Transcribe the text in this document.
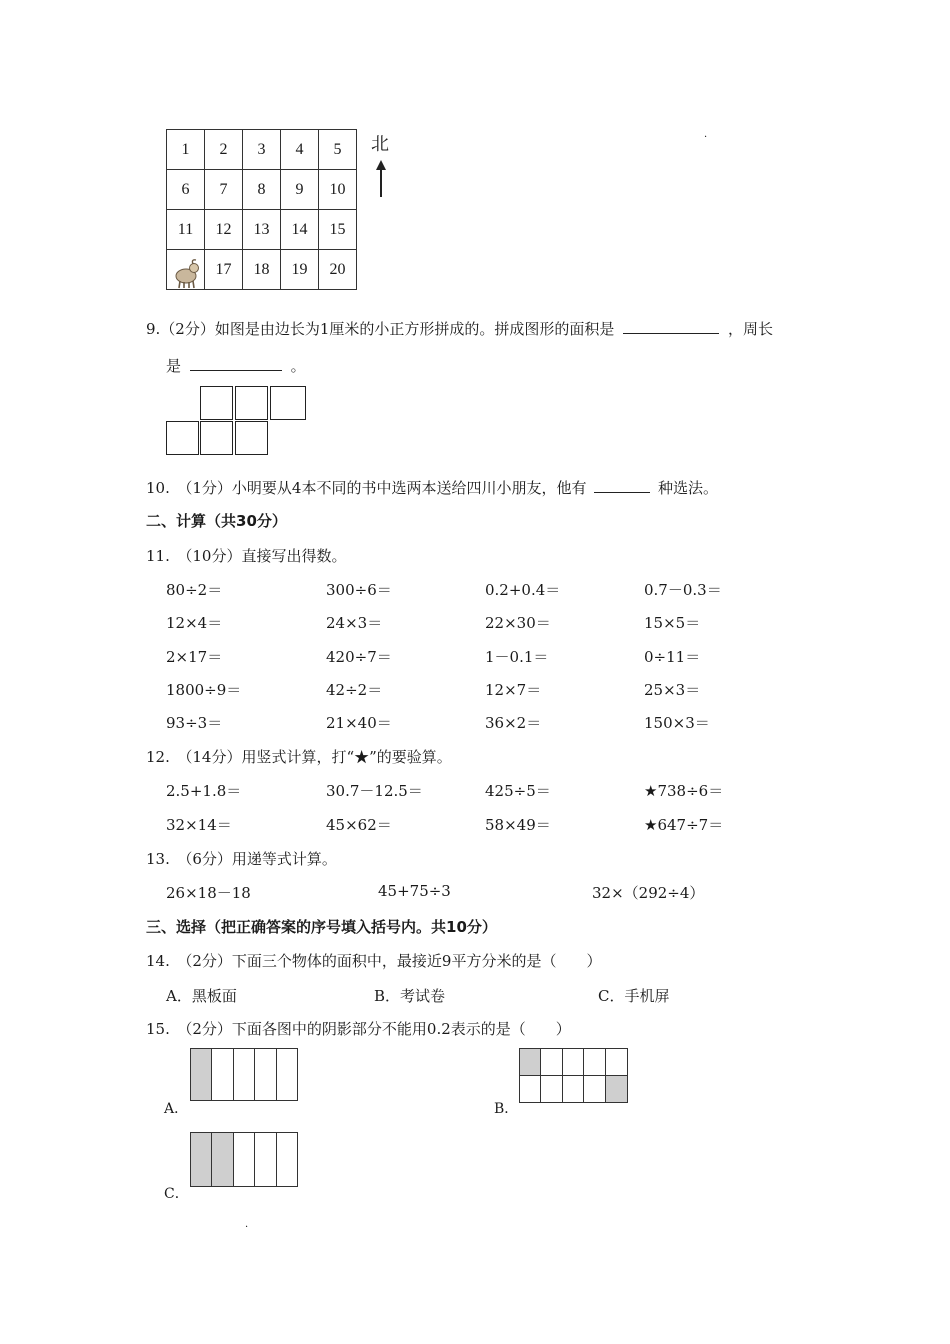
1	2	3	4	5
6	7	8	9	10
11	12	13	14	15
	17	18	19	20
北	·
9.（2分）如图是由边长为1厘米的小正方形拼成的。拼成图形的面积是	，周长
是	。
10.　（1分）小明要从4本不同的书中选两本送给四川小朋友，他有	种选法。
二、计算（共30分）
11.　（10分）直接写出得数。
80÷2＝	300÷6＝	0.2+0.4＝	0.7－0.3＝
12×4＝	24×3＝	22×30＝	15×5＝
2×17＝	420÷7＝	1－0.1＝	0÷11＝
1800÷9＝	42÷2＝	12×7＝	25×3＝
93÷3＝	21×40＝	36×2＝	150×3＝
12.　（14分）用竖式计算，打“★”的要验算。
2.5+1.8＝	30.7－12.5＝	425÷5＝	★738÷6＝
32×14＝	45×62＝	58×49＝	★647÷7＝
13.　（6分）用递等式计算。
26×18－18	45+75÷3	32×（292÷4）
三、选择（把正确答案的序号填入括号内。共10分）
14.　（2分）下面三个物体的面积中，最接近9平方分米的是（　　）
A．黑板面	B．考试卷	C．手机屏
15.　（2分）下面各图中的阴影部分不能用0.2表示的是（　　）
A．	B．
C．
·
